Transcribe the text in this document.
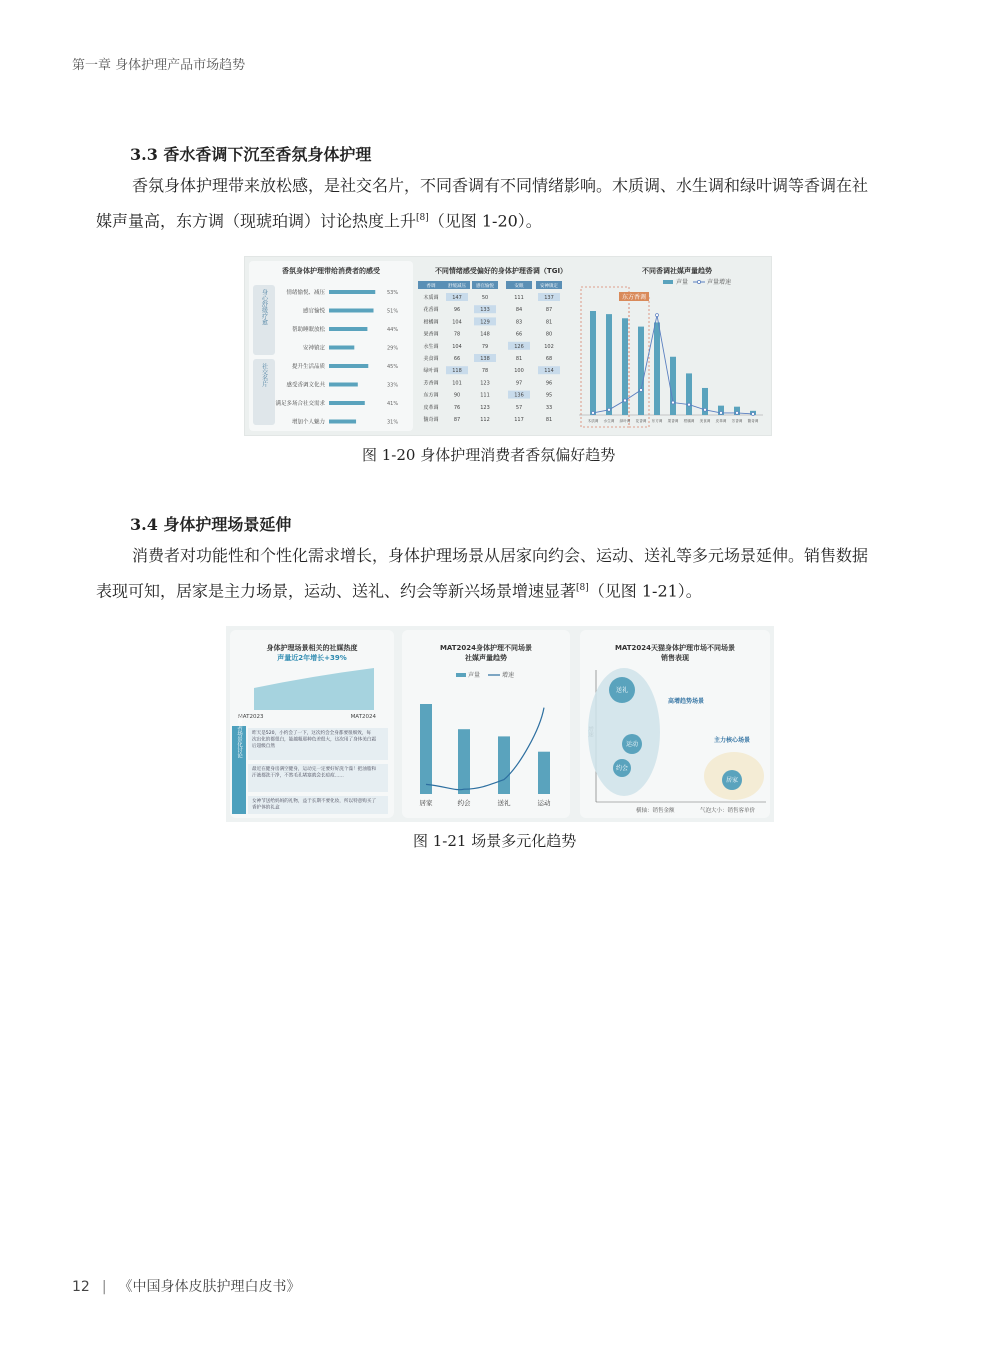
第一章 身体护理产品市场趋势
3.3 香水香调下沉至香氛身体护理
香氛身体护理带来放松感，是社交名片，不同香调有不同情绪影响。木质调、水生调和绿叶调等香调在社
媒声量高，东方调（现琥珀调）讨论热度上升[8]（见图 1-20）。
香氛身体护理带给消费者的感受
身心舒缓疗愈
社交名片
情绪愉悦、减压	53%
感官愉悦	51%
帮助睡眠放松	44%
安神镇定	29%
提升生活品质	45%
感受香调文化共	33%
满足多场合社交需求	41%
增加个人魅力	31%
不同情绪感受偏好的身体护理香调（TGI）
香调	舒缓减压 感官愉悦	安眠	安神镇定
木质调	147	50	111	137
花香调	96	133	84	87
柑橘调	104	129	83	81
果香调	78	148	66	80
水生调	104	79	126	102
美食调	66	138	81	68
绿叶调	118	78	100	114
芳香调	101	123	97	96
东方调	90	111	136	95
皮革调	76	123	57	33
馥奇调	87	112	117	81
不同香调社媒声量趋势
声量	声量增速
东方香调
木质调 水生调 绿叶调 花香调 东方调 果香调 柑橘调 美食调 皮革调 芳香调 馥奇调
图 1-20 身体护理消费者香氛偏好趋势
3.4 身体护理场景延伸
消费者对功能性和个性化需求增长，身体护理场景从居家向约会、运动、送礼等多元场景延伸。销售数据
表现可知，居家是主力场景，运动、送礼、约会等新兴场景增速显著[8]（见图 1-21）。
身体护理场景相关的社媒热度
声量近2年增长+39%
MAT2023	MAT2024
消费者场景化讨论 昨天是520，小约会了一下，这次约会全身都要很细致，每次出化的都很白，能越粗那种色差很大，这次用了身体美白霜后超级自然
最近在健身房满空健身，运动完一定要好好洗个澡！把油脂和汗液都洗干净，不然毛孔堵塞就会长痘痘……
女神节送给妈妈的礼物，益于长期不要化妆，所以特意购买了香护体的礼盒
MAT2024身体护理不同场景社媒声量趋势
声量	增速
居家	约会	送礼	运动
MAT2024天猫身体护理市场不同场景销售表现
高增趋势场景
主力核心场景
送礼
运动
约会
居家
横轴：销售金额	气泡大小：销售客单价
图 1-21 场景多元化趋势
12 | 《中国身体皮肤护理白皮书》
